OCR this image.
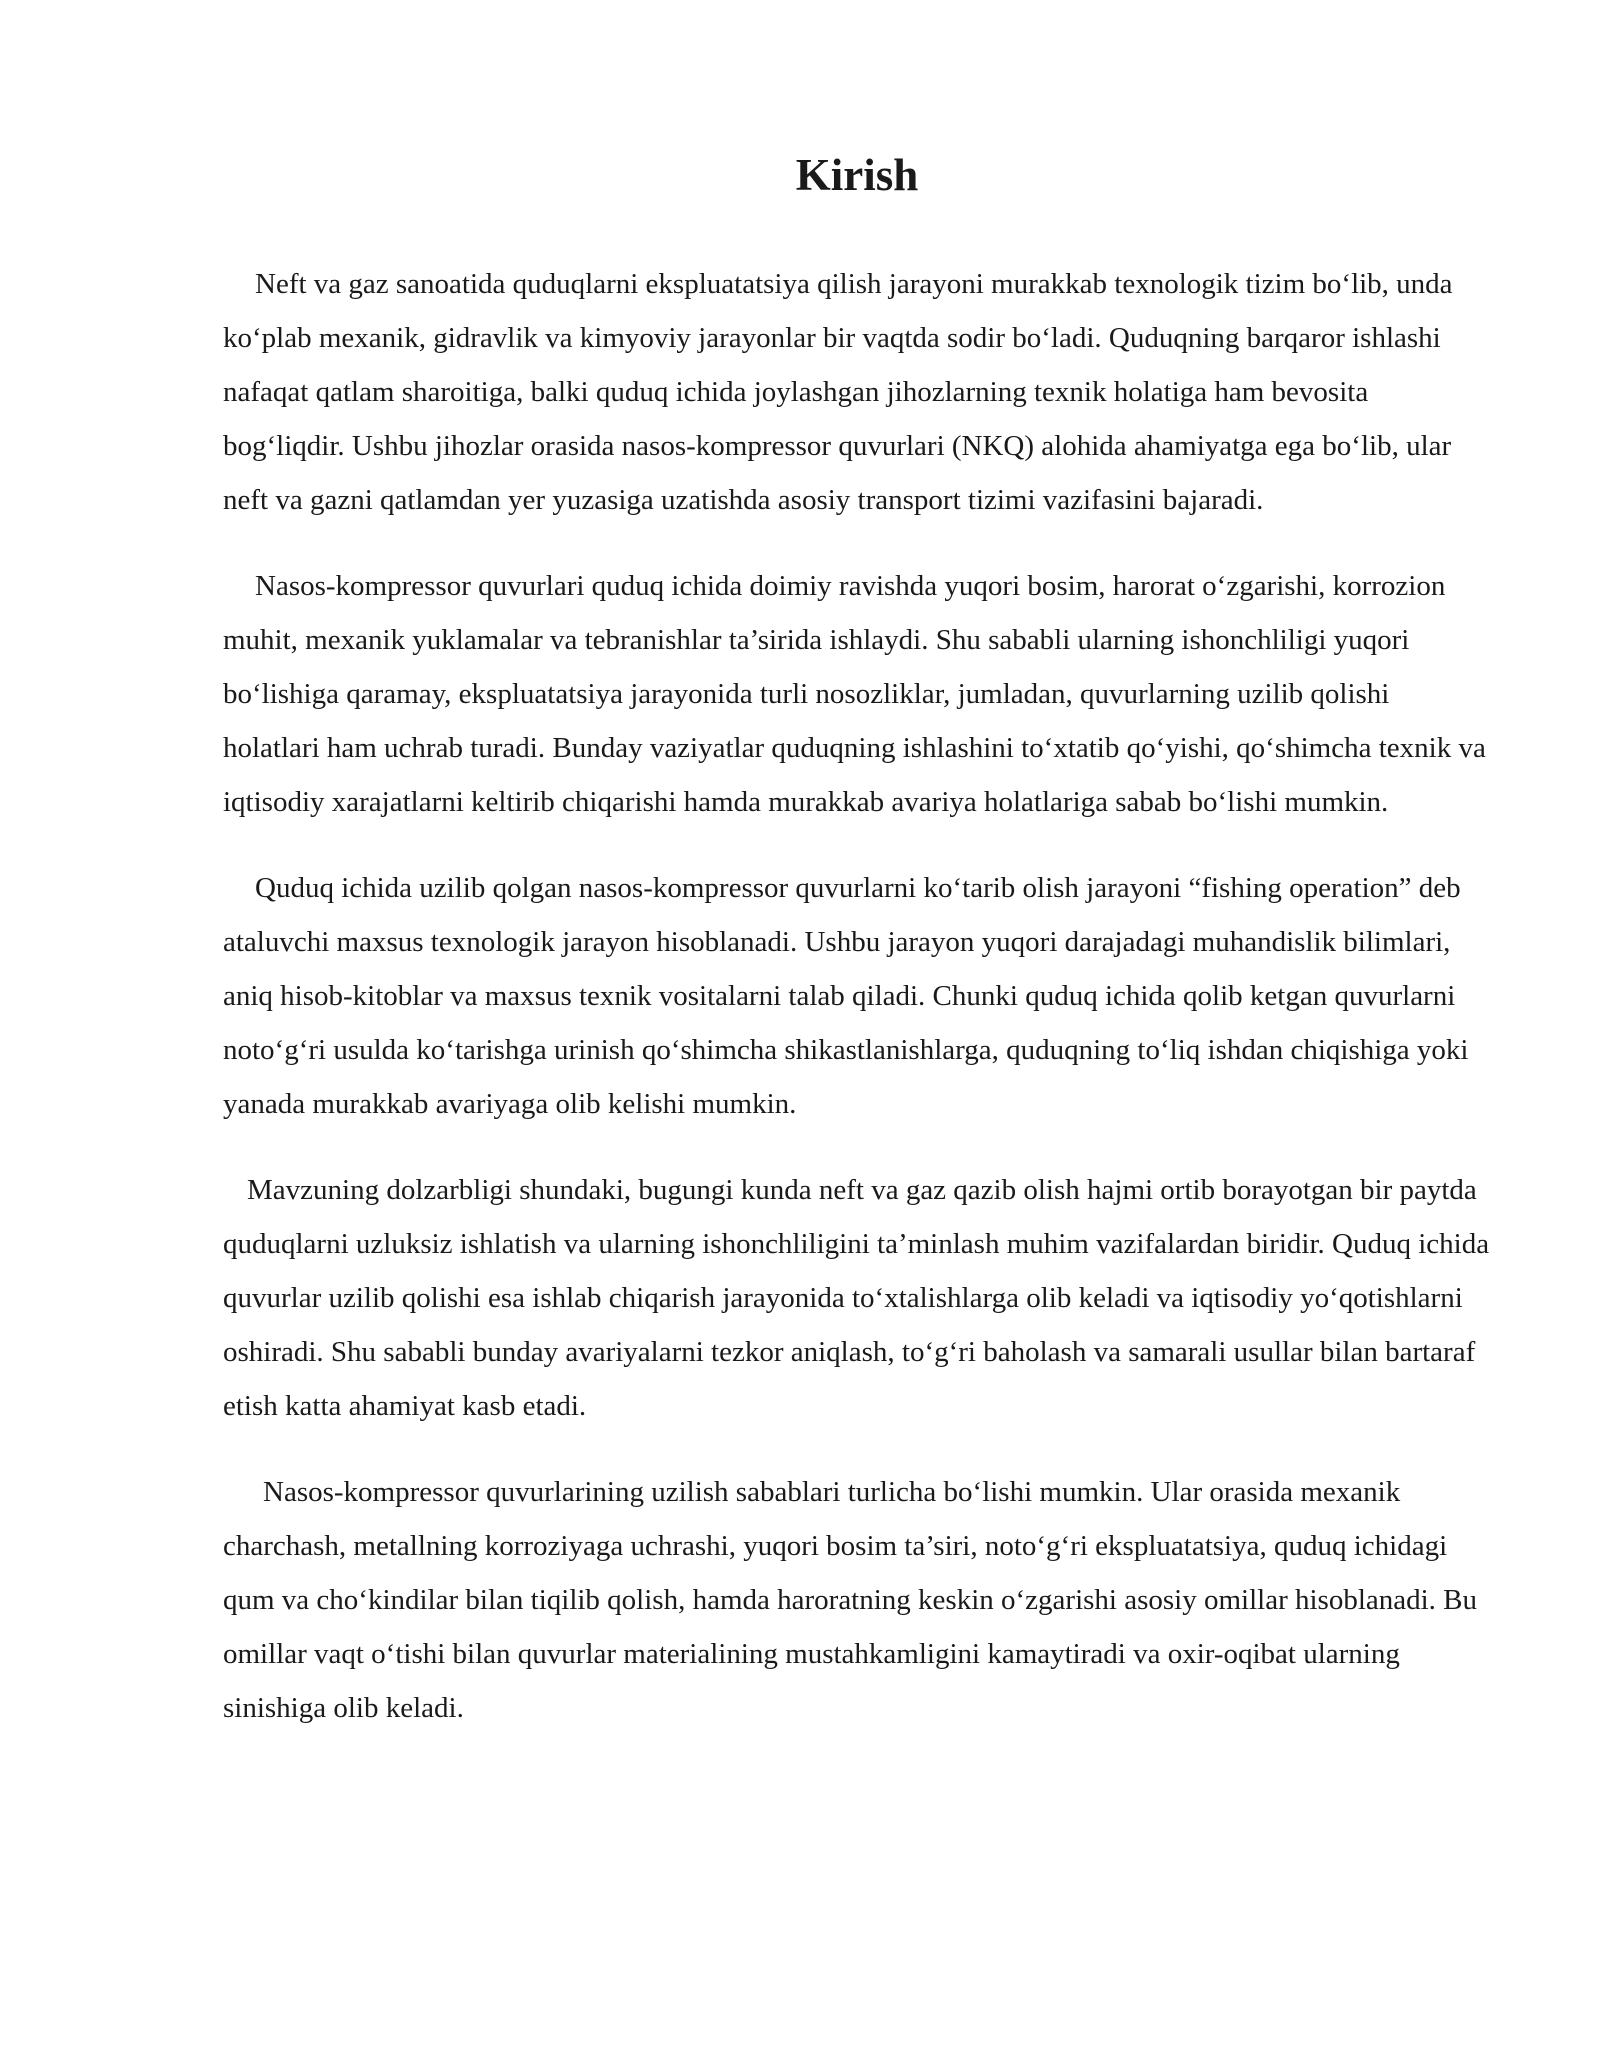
Kirish

Neft va gaz sanoatida quduqlarni ekspluatatsiya qilish jarayoni murakkab texnologik tizim bo‘lib, unda ko‘plab mexanik, gidravlik va kimyoviy jarayonlar bir vaqtda sodir bo‘ladi. Quduqning barqaror ishlashi nafaqat qatlam sharoitiga, balki quduq ichida joylashgan jihozlarning texnik holatiga ham bevosita bog‘liqdir. Ushbu jihozlar orasida nasos-kompressor quvurlari (NKQ) alohida ahamiyatga ega bo‘lib, ular neft va gazni qatlamdan yer yuzasiga uzatishda asosiy transport tizimi vazifasini bajaradi.

Nasos-kompressor quvurlari quduq ichida doimiy ravishda yuqori bosim, harorat o‘zgarishi, korrozion muhit, mexanik yuklamalar va tebranishlar ta’sirida ishlaydi. Shu sababli ularning ishonchliligi yuqori bo‘lishiga qaramay, ekspluatatsiya jarayonida turli nosozliklar, jumladan, quvurlarning uzilib qolishi holatlari ham uchrab turadi. Bunday vaziyatlar quduqning ishlashini to‘xtatib qo‘yishi, qo‘shimcha texnik va iqtisodiy xarajatlarni keltirib chiqarishi hamda murakkab avariya holatlariga sabab bo‘lishi mumkin.

Quduq ichida uzilib qolgan nasos-kompressor quvurlarni ko‘tarib olish jarayoni “fishing operation” deb ataluvchi maxsus texnologik jarayon hisoblanadi. Ushbu jarayon yuqori darajadagi muhandislik bilimlari, aniq hisob-kitoblar va maxsus texnik vositalarni talab qiladi. Chunki quduq ichida qolib ketgan quvurlarni noto‘g‘ri usulda ko‘tarishga urinish qo‘shimcha shikastlanishlarga, quduqning to‘liq ishdan chiqishiga yoki yanada murakkab avariyaga olib kelishi mumkin.

Mavzuning dolzarbligi shundaki, bugungi kunda neft va gaz qazib olish hajmi ortib borayotgan bir paytda quduqlarni uzluksiz ishlatish va ularning ishonchliligini ta’minlash muhim vazifalardan biridir. Quduq ichida quvurlar uzilib qolishi esa ishlab chiqarish jarayonida to‘xtalishlarga olib keladi va iqtisodiy yo‘qotishlarni oshiradi. Shu sababli bunday avariyalarni tezkor aniqlash, to‘g‘ri baholash va samarali usullar bilan bartaraf etish katta ahamiyat kasb etadi.

Nasos-kompressor quvurlarining uzilish sabablari turlicha bo‘lishi mumkin. Ular orasida mexanik charchash, metallning korroziyaga uchrashi, yuqori bosim ta’siri, noto‘g‘ri ekspluatatsiya, quduq ichidagi qum va cho‘kindilar bilan tiqilib qolish, hamda haroratning keskin o‘zgarishi asosiy omillar hisoblanadi. Bu omillar vaqt o‘tishi bilan quvurlar materialining mustahkamligini kamaytiradi va oxir-oqibat ularning sinishiga olib keladi.
